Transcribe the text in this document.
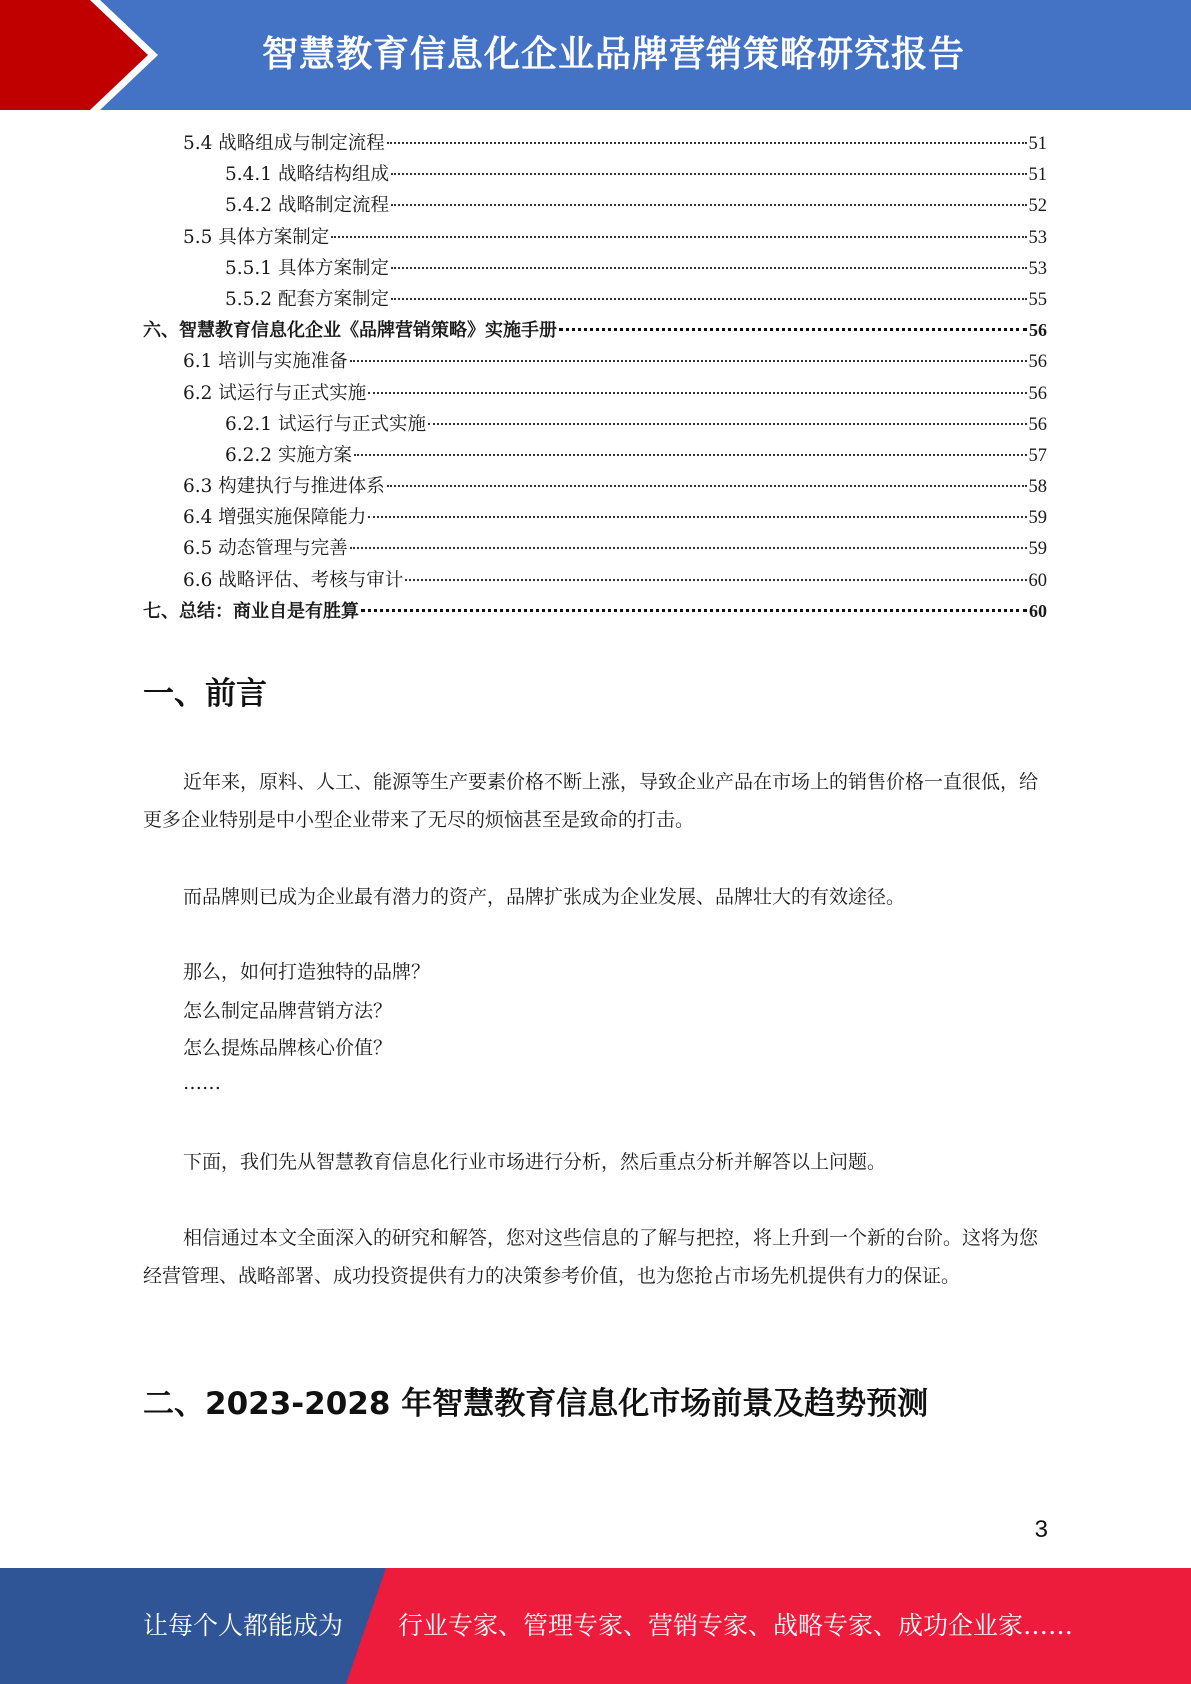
智慧教育信息化企业品牌营销策略研究报告
5.4 战略组成与制定流程	51
5.4.1 战略结构组成	51
5.4.2 战略制定流程	52
5.5 具体方案制定	53
5.5.1 具体方案制定	53
5.5.2 配套方案制定	55
六、智慧教育信息化企业《品牌营销策略》实施手册	56
6.1 培训与实施准备	56
6.2 试运行与正式实施	56
6.2.1 试运行与正式实施	56
6.2.2 实施方案	57
6.3 构建执行与推进体系	58
6.4 增强实施保障能力	59
6.5 动态管理与完善	59
6.6 战略评估、考核与审计	60
七、总结：商业自是有胜算	60
一、前言
近年来，原料、人工、能源等生产要素价格不断上涨，导致企业产品在市场上的销售价格一直很低，给更多企业特别是中小型企业带来了无尽的烦恼甚至是致命的打击。
而品牌则已成为企业最有潜力的资产，品牌扩张成为企业发展、品牌壮大的有效途径。
那么，如何打造独特的品牌？
怎么制定品牌营销方法？
怎么提炼品牌核心价值？
……
下面，我们先从智慧教育信息化行业市场进行分析，然后重点分析并解答以上问题。
相信通过本文全面深入的研究和解答，您对这些信息的了解与把控，将上升到一个新的台阶。这将为您经营管理、战略部署、成功投资提供有力的决策参考价值，也为您抢占市场先机提供有力的保证。
二、2023-2028 年智慧教育信息化市场前景及趋势预测
3
让每个人都能成为 行业专家、管理专家、营销专家、战略专家、成功企业家……
